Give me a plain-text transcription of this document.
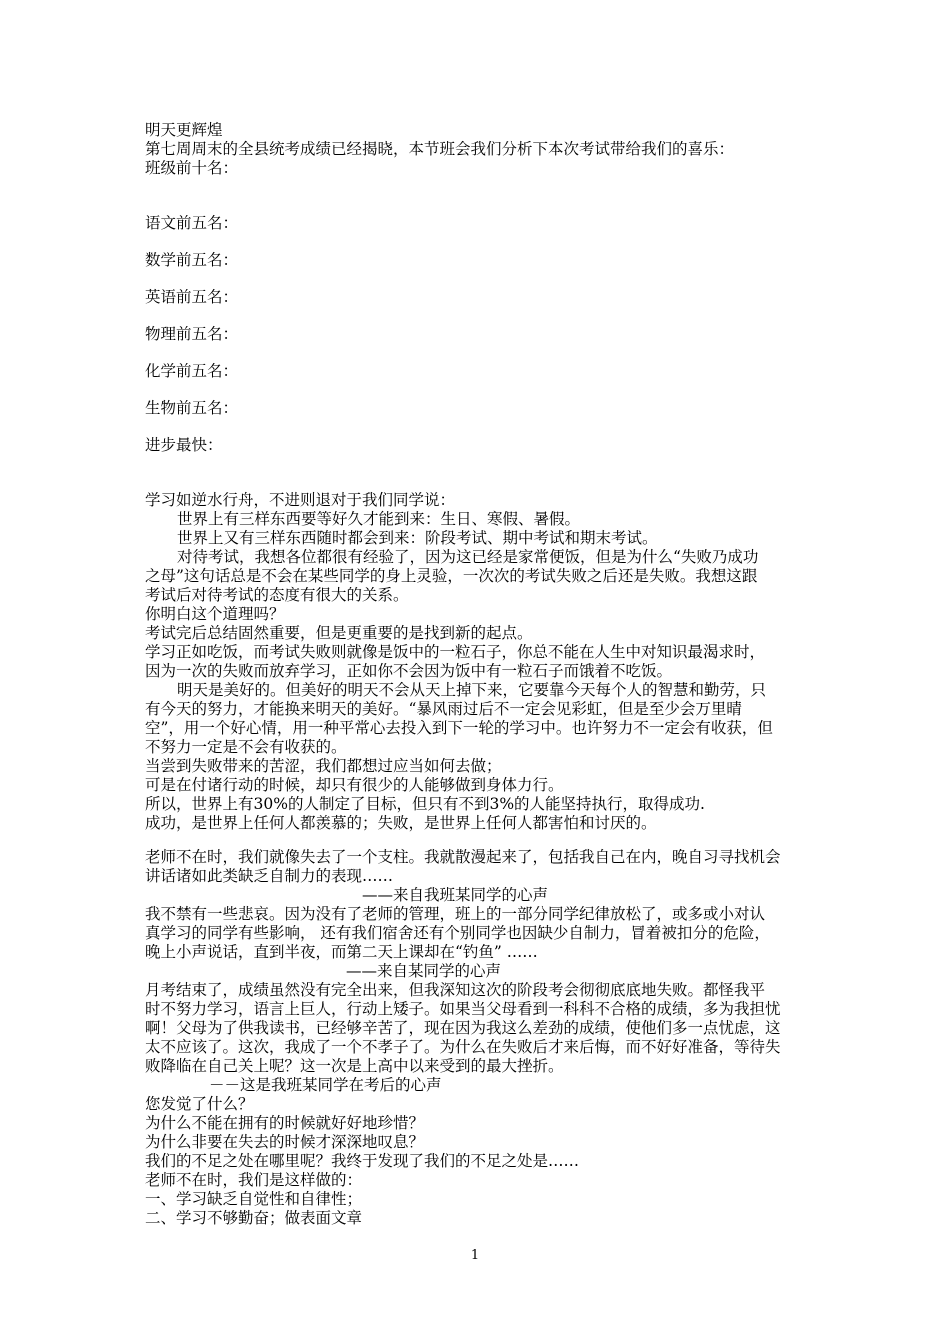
明天更辉煌
第七周周末的全县统考成绩已经揭晓，本节班会我们分析下本次考试带给我们的喜乐：
班级前十名：
语文前五名：
数学前五名：
英语前五名：
物理前五名：
化学前五名：
生物前五名：
进步最快：
学习如逆水行舟，不进则退对于我们同学说：
世界上有三样东西要等好久才能到来：生日、寒假、暑假。
世界上又有三样东西随时都会到来：阶段考试、期中考试和期末考试。
对待考试，我想各位都很有经验了，因为这已经是家常便饭，但是为什么“失败乃成功
之母”这句话总是不会在某些同学的身上灵验，一次次的考试失败之后还是失败。我想这跟
考试后对待考试的态度有很大的关系。
你明白这个道理吗？
考试完后总结固然重要，但是更重要的是找到新的起点。
学习正如吃饭，而考试失败则就像是饭中的一粒石子，你总不能在人生中对知识最渴求时，
因为一次的失败而放弃学习，正如你不会因为饭中有一粒石子而饿着不吃饭。
明天是美好的。但美好的明天不会从天上掉下来，它要靠今天每个人的智慧和勤劳，只
有今天的努力，才能换来明天的美好。“暴风雨过后不一定会见彩虹，但是至少会万里晴
空”，用一个好心情，用一种平常心去投入到下一轮的学习中。也许努力不一定会有收获，但
不努力一定是不会有收获的。
当尝到失败带来的苦涩，我们都想过应当如何去做；
可是在付诸行动的时候，却只有很少的人能够做到身体力行。
所以，世界上有30%的人制定了目标，但只有不到3%的人能坚持执行，取得成功.
成功，是世界上任何人都羡慕的；失败，是世界上任何人都害怕和讨厌的。
老师不在时，我们就像失去了一个支柱。我就散漫起来了，包括我自己在内，晚自习寻找机会
讲话诸如此类缺乏自制力的表现……
——来自我班某同学的心声
我不禁有一些悲哀。因为没有了老师的管理，班上的一部分同学纪律放松了，或多或小对认
真学习的同学有些影响， 还有我们宿舍还有个别同学也因缺少自制力，冒着被扣分的危险，
晚上小声说话，直到半夜，而第二天上课却在“钓鱼” ……
——来自某同学的心声
月考结束了，成绩虽然没有完全出来，但我深知这次的阶段考会彻彻底底地失败。都怪我平
时不努力学习，语言上巨人，行动上矮子。如果当父母看到一科科不合格的成绩，多为我担忧
啊！父母为了供我读书，已经够辛苦了，现在因为我这么差劲的成绩，使他们多一点忧虑，这
太不应该了。这次，我成了一个不孝子了。为什么在失败后才来后悔，而不好好准备，等待失
败降临在自己关上呢？这一次是上高中以来受到的最大挫折。
－－这是我班某同学在考后的心声
您发觉了什么？
为什么不能在拥有的时候就好好地珍惜？
为什么非要在失去的时候才深深地叹息？
我们的不足之处在哪里呢？我终于发现了我们的不足之处是……
老师不在时，我们是这样做的：
一、学习缺乏自觉性和自律性；
二、学习不够勤奋；做表面文章
1
